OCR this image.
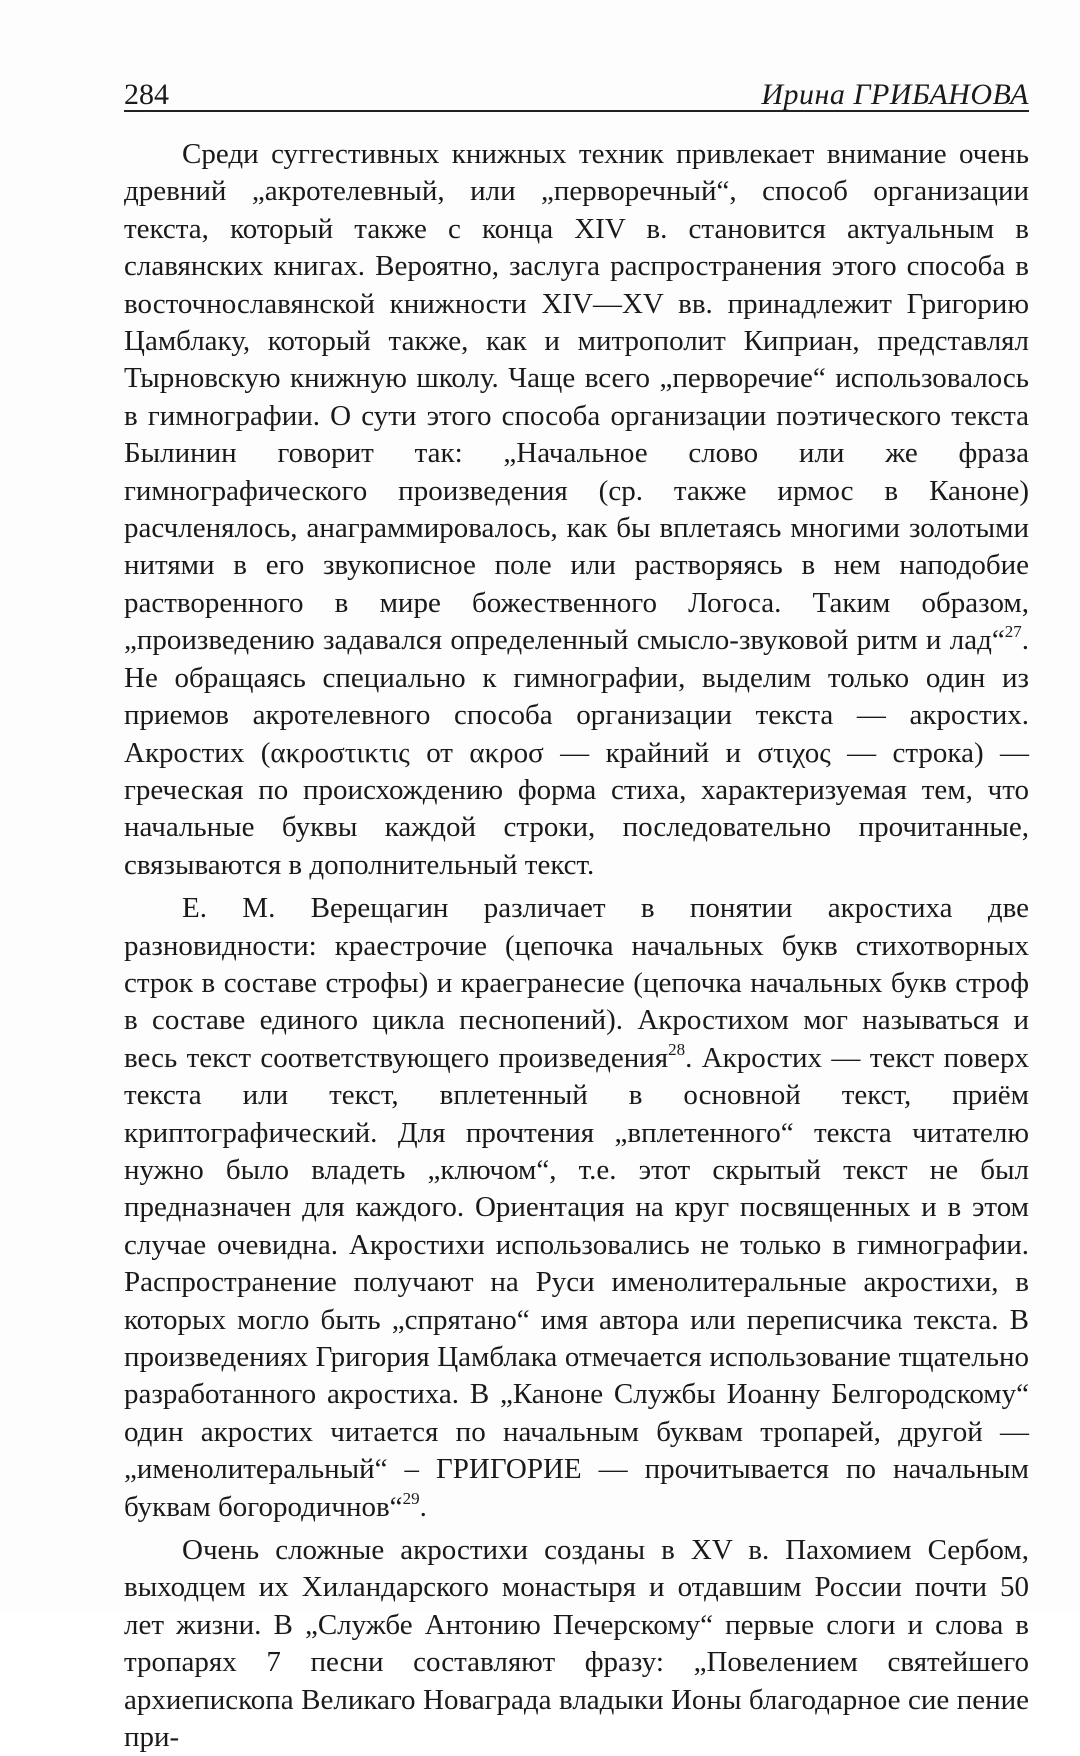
284	Ирина ГРИБАНОВА

Среди суггестивных книжных техник привлекает внимание очень древний „акротелевный, или „перворечный“, способ организации текста, который также с конца XIV в. становится актуальным в славянских книгах. Вероятно, заслуга распространения этого способа в восточнославянской книжности XIV—XV вв. принадлежит Григорию Цамблаку, который также, как и митрополит Киприан, представлял Тырновскую книжную школу. Чаще всего „перворечие“ использовалось в гимнографии. О сути этого способа организации поэтического текста Былинин говорит так: „Начальное слово или же фраза гимнографического произведения (ср. также ирмос в Каноне) расчленялось, анаграммировалось, как бы вплетаясь многими золотыми нитями в его звукописное поле или растворяясь в нем наподобие растворенного в мире божественного Логоса. Таким образом, „произведению задавался определенный смысло-звуковой ритм и лад“$^{27}$. Не обращаясь специально к гимнографии, выделим только один из приемов акротелевного способа организации текста — акростих. Акростих (ακροστικτις от ακροσ — крайний и στιχος — строка) — греческая по происхождению форма стиха, характеризуемая тем, что начальные буквы каждой строки, последовательно прочитанные, связываются в дополнительный текст.

Е. М. Верещагин различает в понятии акростиха две разновидности: краестрочие (цепочка начальных букв стихотворных строк в составе строфы) и краегранесие (цепочка начальных букв строф в составе единого цикла песнопений). Акростихом мог называться и весь текст соответствующего произведения$^{28}$. Акростих — текст поверх текста или текст, вплетенный в основной текст, приём криптографический. Для прочтения „вплетенного“ текста читателю нужно было владеть „ключом“, т.е. этот скрытый текст не был предназначен для каждого. Ориентация на круг посвященных и в этом случае очевидна. Акростихи использовались не только в гимнографии. Распространение получают на Руси именолитеральные акростихи, в которых могло быть „спрятано“ имя автора или переписчика текста. В произведениях Григория Цамблака отмечается использование тщательно разработанного акростиха. В „Каноне Службы Иоанну Белгородскому“ один акростих читается по начальным буквам тропарей, другой — „именолитеральный“ – ГРИГОРИЕ — прочитывается по начальным буквам богородичнов“$^{29}$.

Очень сложные акростихи созданы в XV в. Пахомием Сербом, выходцем их Хиландарского монастыря и отдавшим России почти 50 лет жизни. В „Службе Антонию Печерскому“ первые слоги и слова в тропарях 7 песни составляют фразу: „Повелением святейшего архиепископа Великаго Новаграда владыки Ионы благодарное сие пение при-
